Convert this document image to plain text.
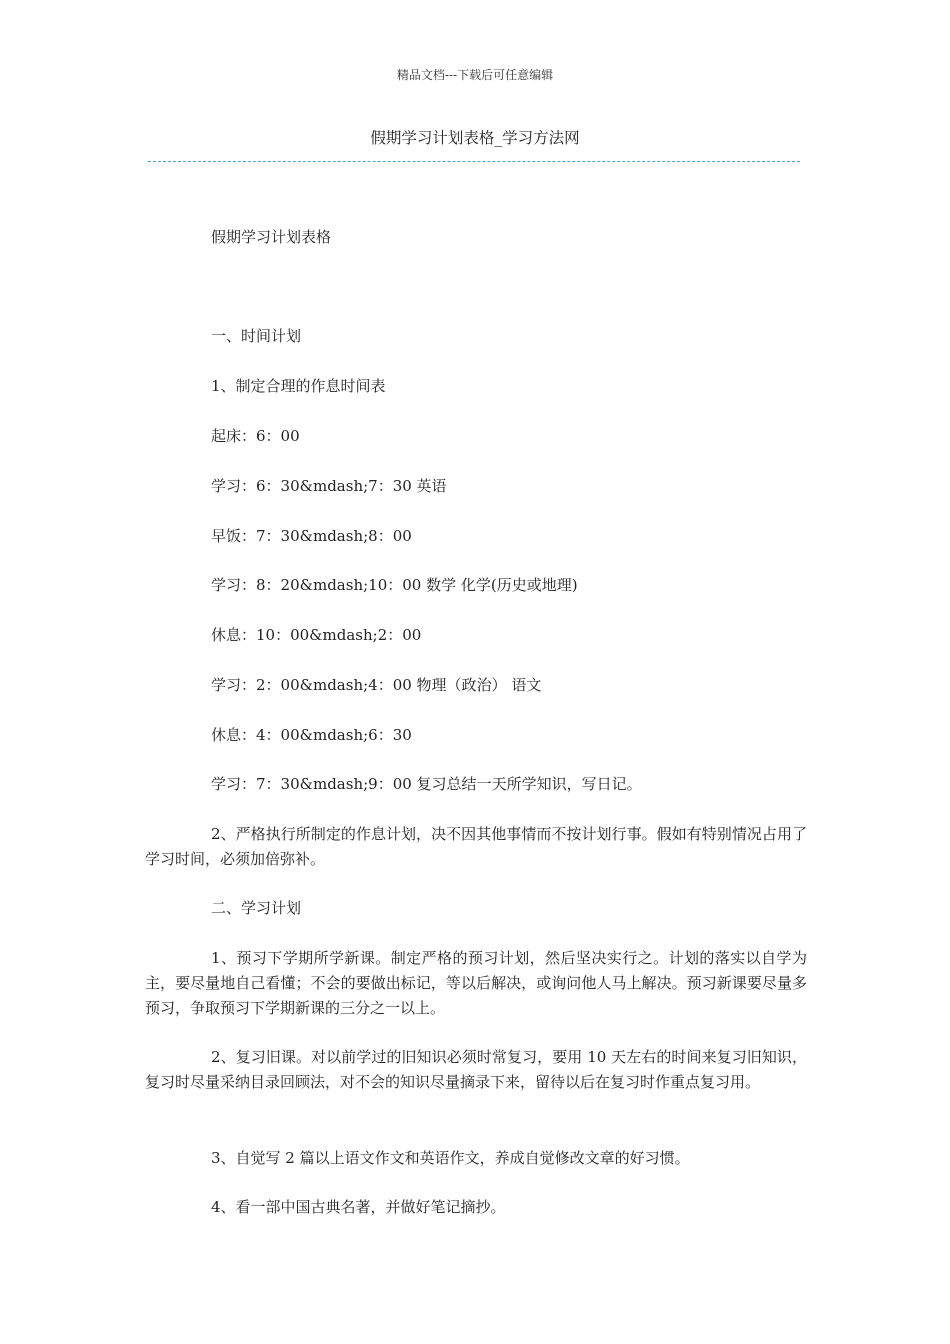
精品文档---下载后可任意编辑
假期学习计划表格_学习方法网
假期学习计划表格
一、时间计划
1、制定合理的作息时间表
起床：6：00
学习：6：30&mdash;7：30 英语
早饭：7：30&mdash;8：00
学习：8：20&mdash;10：00 数学 化学(历史或地理)
休息：10：00&mdash;2：00
学习：2：00&mdash;4：00 物理（政治） 语文
休息：4：00&mdash;6：30
学习：7：30&mdash;9：00 复习总结一天所学知识，写日记。
2、严格执行所制定的作息计划，决不因其他事情而不按计划行事。假如有特别情况占用了学习时间，必须加倍弥补。
二、学习计划
1、预习下学期所学新课。制定严格的预习计划，然后坚决实行之。计划的落实以自学为主，要尽量地自己看懂；不会的要做出标记，等以后解决，或询问他人马上解决。预习新课要尽量多预习，争取预习下学期新课的三分之一以上。
2、复习旧课。对以前学过的旧知识必须时常复习，要用 10 天左右的时间来复习旧知识，复习时尽量采纳目录回顾法，对不会的知识尽量摘录下来，留待以后在复习时作重点复习用。
3、自觉写 2 篇以上语文作文和英语作文，养成自觉修改文章的好习惯。
4、看一部中国古典名著，并做好笔记摘抄。
